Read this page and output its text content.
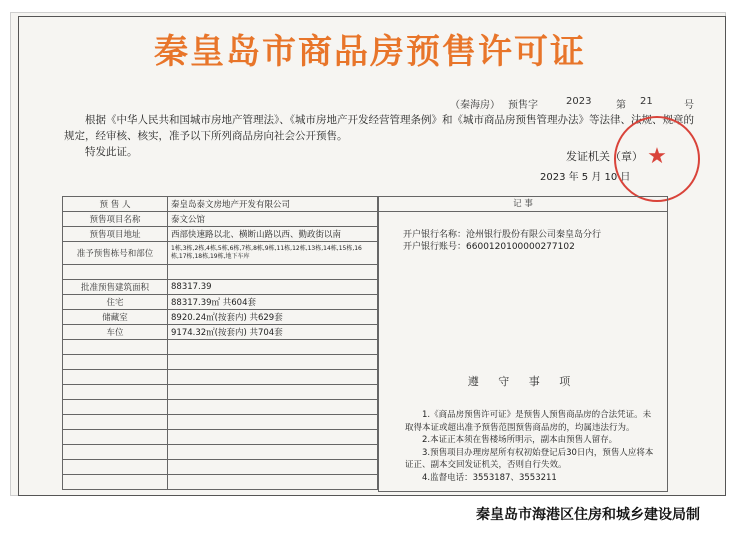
秦皇岛市商品房预售许可证
（秦海房） 预售字	2023 第 21	号

根据《中华人民共和国城市房地产管理法》、《城市房地产开发经营管理条例》和《城市商品房预售管理办法》等法律、法规、规章的规定，经审核、核实，准予以下所列商品房向社会公开预售。

特发此证。	发证机关（章）
2023 年 5 月 10 日
★
预 售 人	秦皇岛泰文房地产开发有限公司
预售项目名称	泰文公馆
预售项目地址	西部快速路以北、横断山路以西、勤政街以南
准予预售栋号和部位	1栋,3栋,2栋,4栋,5栋,6栋,7栋,8栋,9栋,11栋,12栋,13栋,14栋,15栋,16栋,17栋,18栋,19栋,地下车库

批准预售建筑面积	88317.39
住宅	88317.39㎡ 共604套
储藏室	8920.24㎡(按套内) 共629套
车位	9174.32㎡(按套内) 共704套

记 事
开户银行名称：沧州银行股份有限公司秦皇岛分行
开户银行账号：6600120100000277102
遵 守 事 项

1.《商品房预售许可证》是预售人预售商品房的合法凭证。未取得本证或超出准予预售范围预售商品房的，均属违法行为。

2.本证正本须在售楼场所明示，副本由预售人留存。

3.预售项目办理房屋所有权初始登记后30日内，预售人应将本证正、副本交回发证机关，否则自行失效。

4.监督电话：3553187、3553211

秦皇岛市海港区住房和城乡建设局制
